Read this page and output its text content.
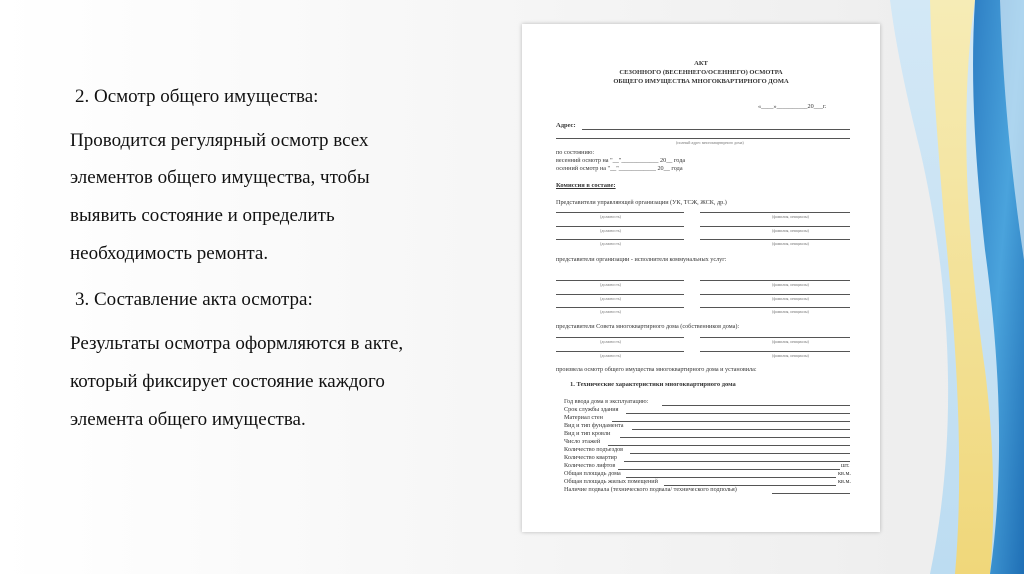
2. Осмотр общего имущества:
Проводится регулярный осмотр всех
элементов общего имущества, чтобы
выявить состояние и определить
необходимость ремонта.
3. Составление акта осмотра:
Результаты осмотра оформляются в акте,
который фиксирует состояние каждого
элемента общего имущества.
АКТ
СЕЗОННОГО (ВЕСЕННЕГО/ОСЕННЕГО) ОСМОТРА
ОБЩЕГО ИМУЩЕСТВА МНОГОКВАРТИРНОГО ДОМА
«____»__________20___г.
Адрес:
(полный адрес многоквартирного дома)
по состоянию:
весенний осмотр на "__"____________ 20__ года
осенний осмотр на "__"____________ 20__ года
Комиссия в составе:
Представители управляющей организации (УК, ТСЖ, ЖСК, др.)
(должность)	(фамилия, инициалы)
(должность)	(фамилия, инициалы)
(должность)	(фамилия, инициалы)
представители организации - исполнителя коммунальных услуг:
(должность)	(фамилия, инициалы)
(должность)	(фамилия, инициалы)
(должность)	(фамилия, инициалы)
представители Совета многоквартирного дома (собственников дома):
(должность)	(фамилия, инициалы)
(должность)	(фамилия, инициалы)
произвела осмотр общего имущества многоквартирного дома и установила:
1. Технические характеристики многоквартирного дома
Год ввода дома в эксплуатацию:
Срок службы здания
Материал стен
Вид и тип фундамента
Вид и тип кровли
Число этажей
Количество подъездов
Количество квартир
Количество лифтов	шт.
Общая площадь дома	кв.м.
Общая площадь жилых помещений	кв.м.
Наличие подвала (технического подвала/ технического подполья)
